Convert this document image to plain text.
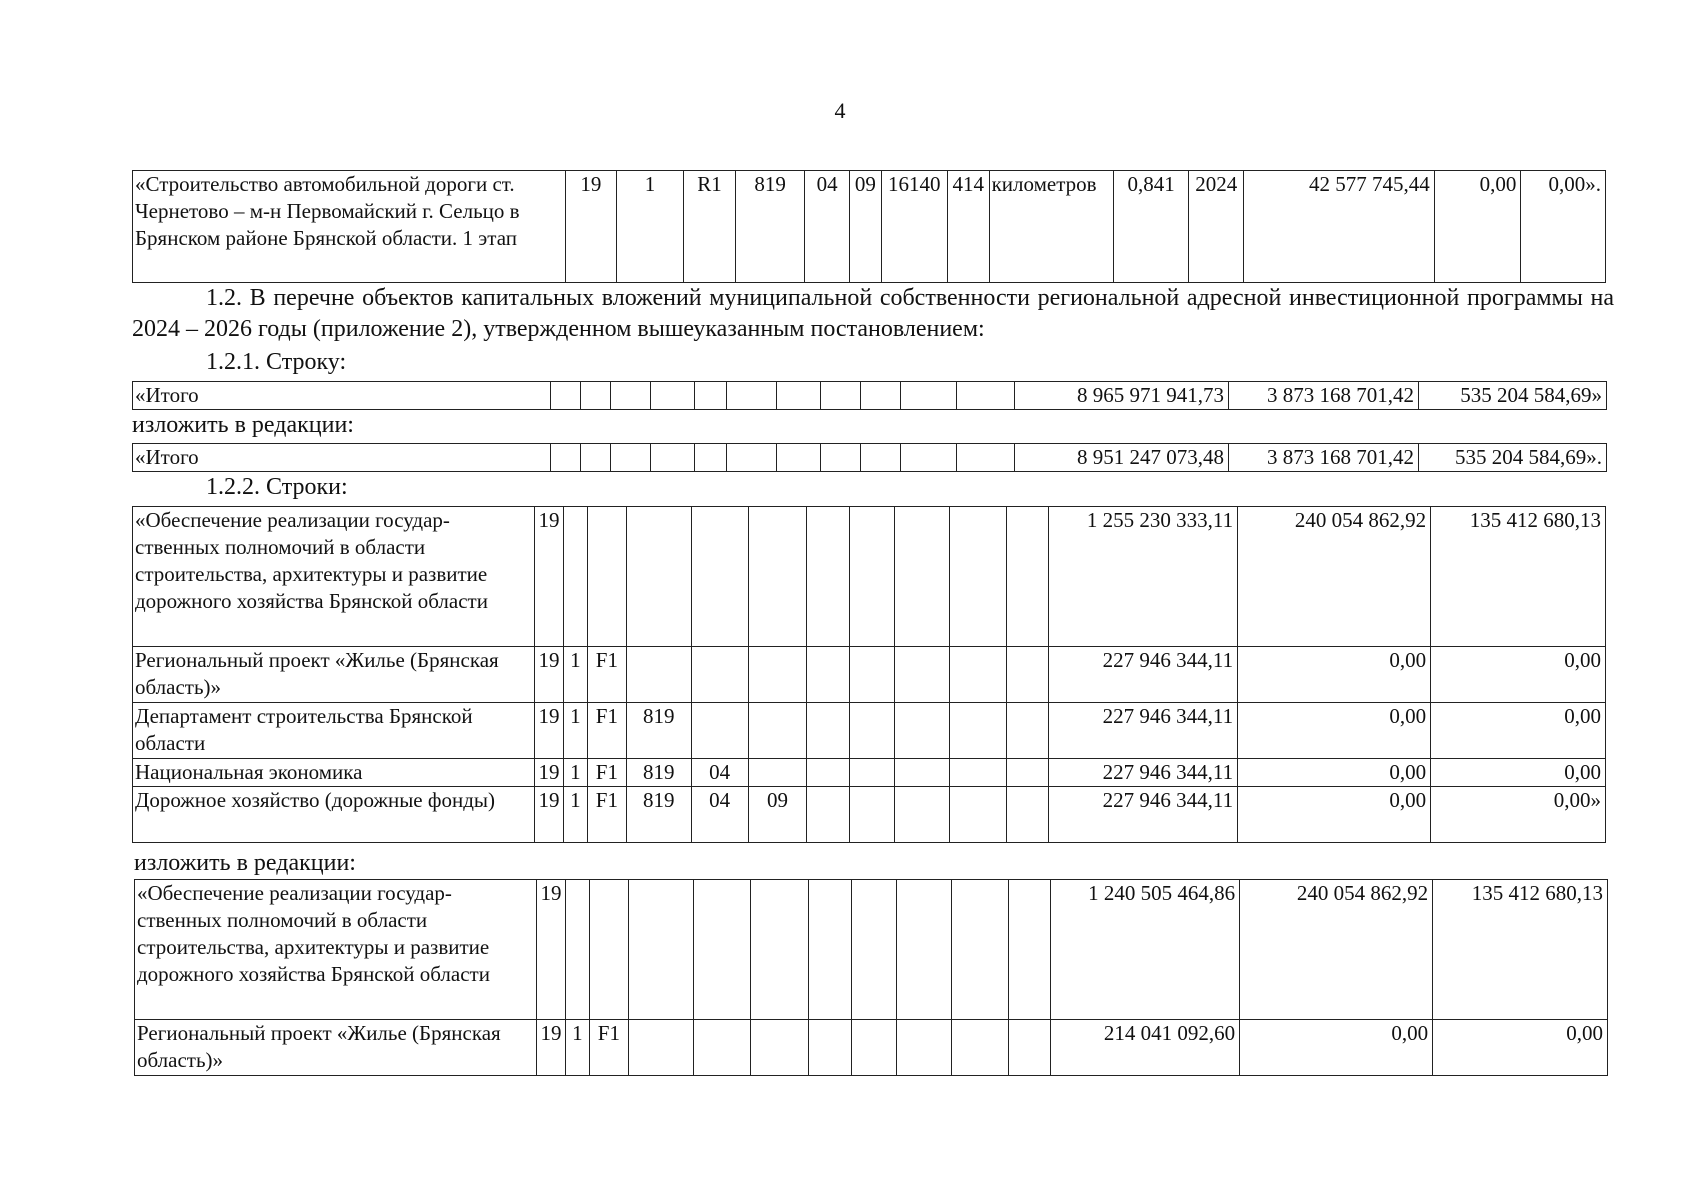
4
«Строительство автомобильной дороги ст. Чернетово – м-н Первомайский г. Сельцо в Брянском районе Брянской области. 1 этап	19	1	R1	819	04	09	16140	414	километров	0,841	2024	42 577 745,44	0,00	0,00».
1.2. В перечне объектов капитальных вложений муниципальной собственности региональной адресной инвестиционной программы на 2024 – 2026 годы (приложение 2), утвержденном вышеуказанным постановлением:
1.2.1. Строку:
«Итого												8 965 971 941,73	3 873 168 701,42	535 204 584,69»
изложить в редакции:
«Итого												8 951 247 073,48	3 873 168 701,42	535 204 584,69».
1.2.2. Строки:
«Обеспечение реализации государ-ственных полномочий в области строительства, архитектуры и развитие дорожного хозяйства Брянской области	19											1 255 230 333,11	240 054 862,92	135 412 680,13
Региональный проект «Жилье (Брянская область)»	19	1	F1									227 946 344,11	0,00	0,00
Департамент строительства Брянской области	19	1	F1	819								227 946 344,11	0,00	0,00
Национальная экономика	19	1	F1	819	04							227 946 344,11	0,00	0,00
Дорожное хозяйство (дорожные фонды)	19	1	F1	819	04	09						227 946 344,11	0,00	0,00»
изложить в редакции:
«Обеспечение реализации государ-ственных полномочий в области строительства, архитектуры и развитие дорожного хозяйства Брянской области	19											1 240 505 464,86	240 054 862,92	135 412 680,13
Региональный проект «Жилье (Брянская область)»	19	1	F1									214 041 092,60	0,00	0,00
